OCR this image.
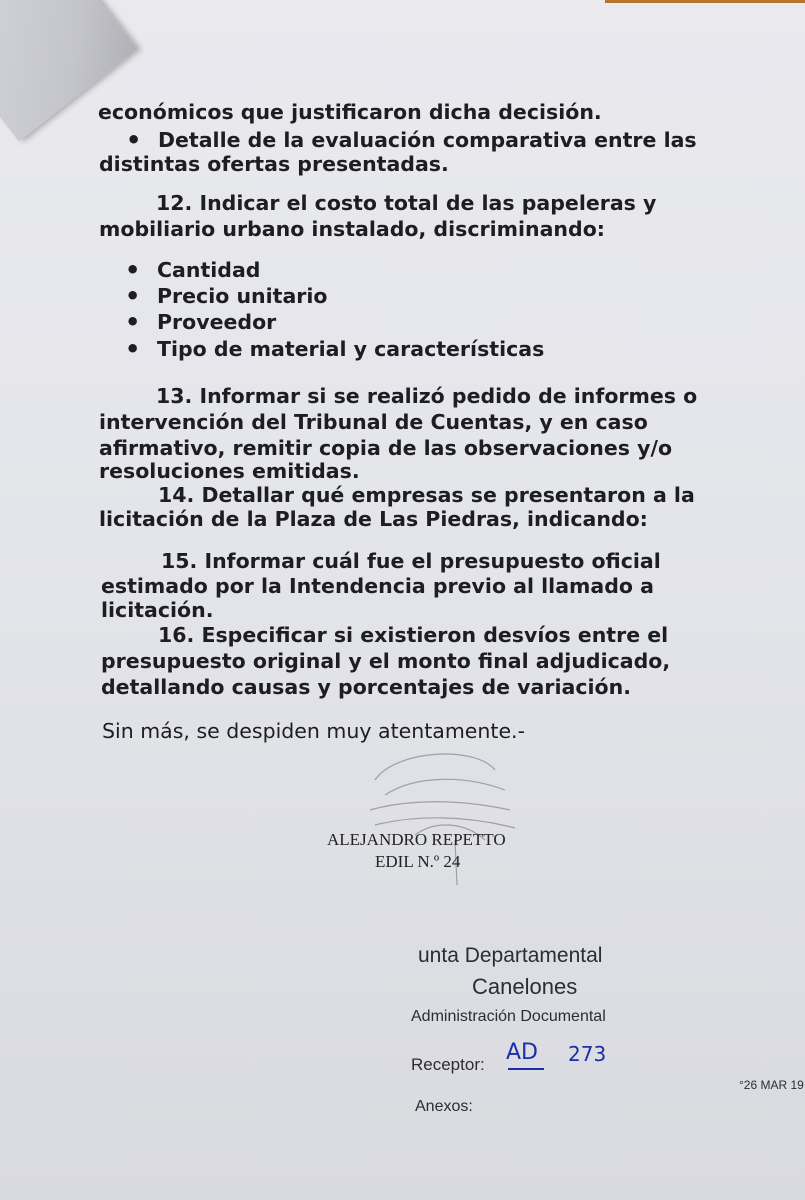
económicos que justificaron dicha decisión.
• Detalle de la evaluación comparativa entre las
distintas ofertas presentadas.
12. Indicar el costo total de las papeleras y
mobiliario urbano instalado, discriminando:
• Cantidad
• Precio unitario
• Proveedor
• Tipo de material y características
13. Informar si se realizó pedido de informes o
intervención del Tribunal de Cuentas, y en caso
afirmativo, remitir copia de las observaciones y/o
resoluciones emitidas.
14. Detallar qué empresas se presentaron a la
licitación de la Plaza de Las Piedras, indicando:
15. Informar cuál fue el presupuesto oficial
estimado por la Intendencia previo al llamado a
licitación.
16. Especificar si existieron desvíos entre el
presupuesto original y el monto final adjudicado,
detallando causas y porcentajes de variación.
Sin más, se despiden muy atentamente.-
ALEJANDRO REPETTO
EDIL N.º 24
unta Departamental
Canelones
Administración Documental
Receptor: AD 273
°26 MAR 19
Anexos:
